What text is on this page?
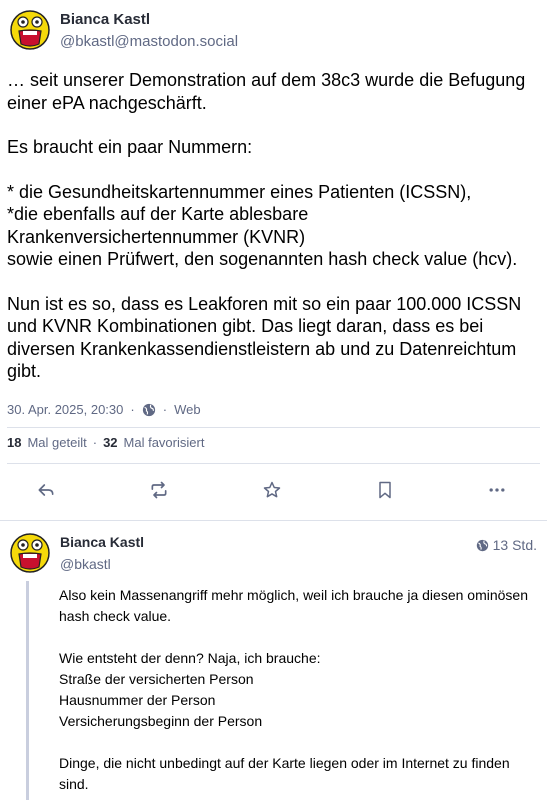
Bianca Kastl
@bkastl@mastodon.social

… seit unserer Demonstration auf dem 38c3 wurde die Befugung einer ePA nachgeschärft.

Es braucht ein paar Nummern:

* die Gesundheitskartennummer eines Patienten (ICSSN),
*die ebenfalls auf der Karte ablesbare Krankenversichertennummer (KVNR)
sowie einen Prüfwert, den sogenannten hash check value (hcv).

Nun ist es so, dass es Leakforen mit so ein paar 100.000 ICSSN und KVNR Kombinationen gibt. Das liegt daran, dass es bei diversen Krankenkassendienstleistern ab und zu Datenreichtum gibt.

30. Apr. 2025, 20:30 · · Web
18 Mal geteilt · 32 Mal favorisiert
Bianca Kastl
@bkastl
13 Std.

Also kein Massenangriff mehr möglich, weil ich brauche ja diesen ominösen hash check value.

Wie entsteht der denn? Naja, ich brauche:
Straße der versicherten Person
Hausnummer der Person
Versicherungsbeginn der Person

Dinge, die nicht unbedingt auf der Karte liegen oder im Internet zu finden sind.
